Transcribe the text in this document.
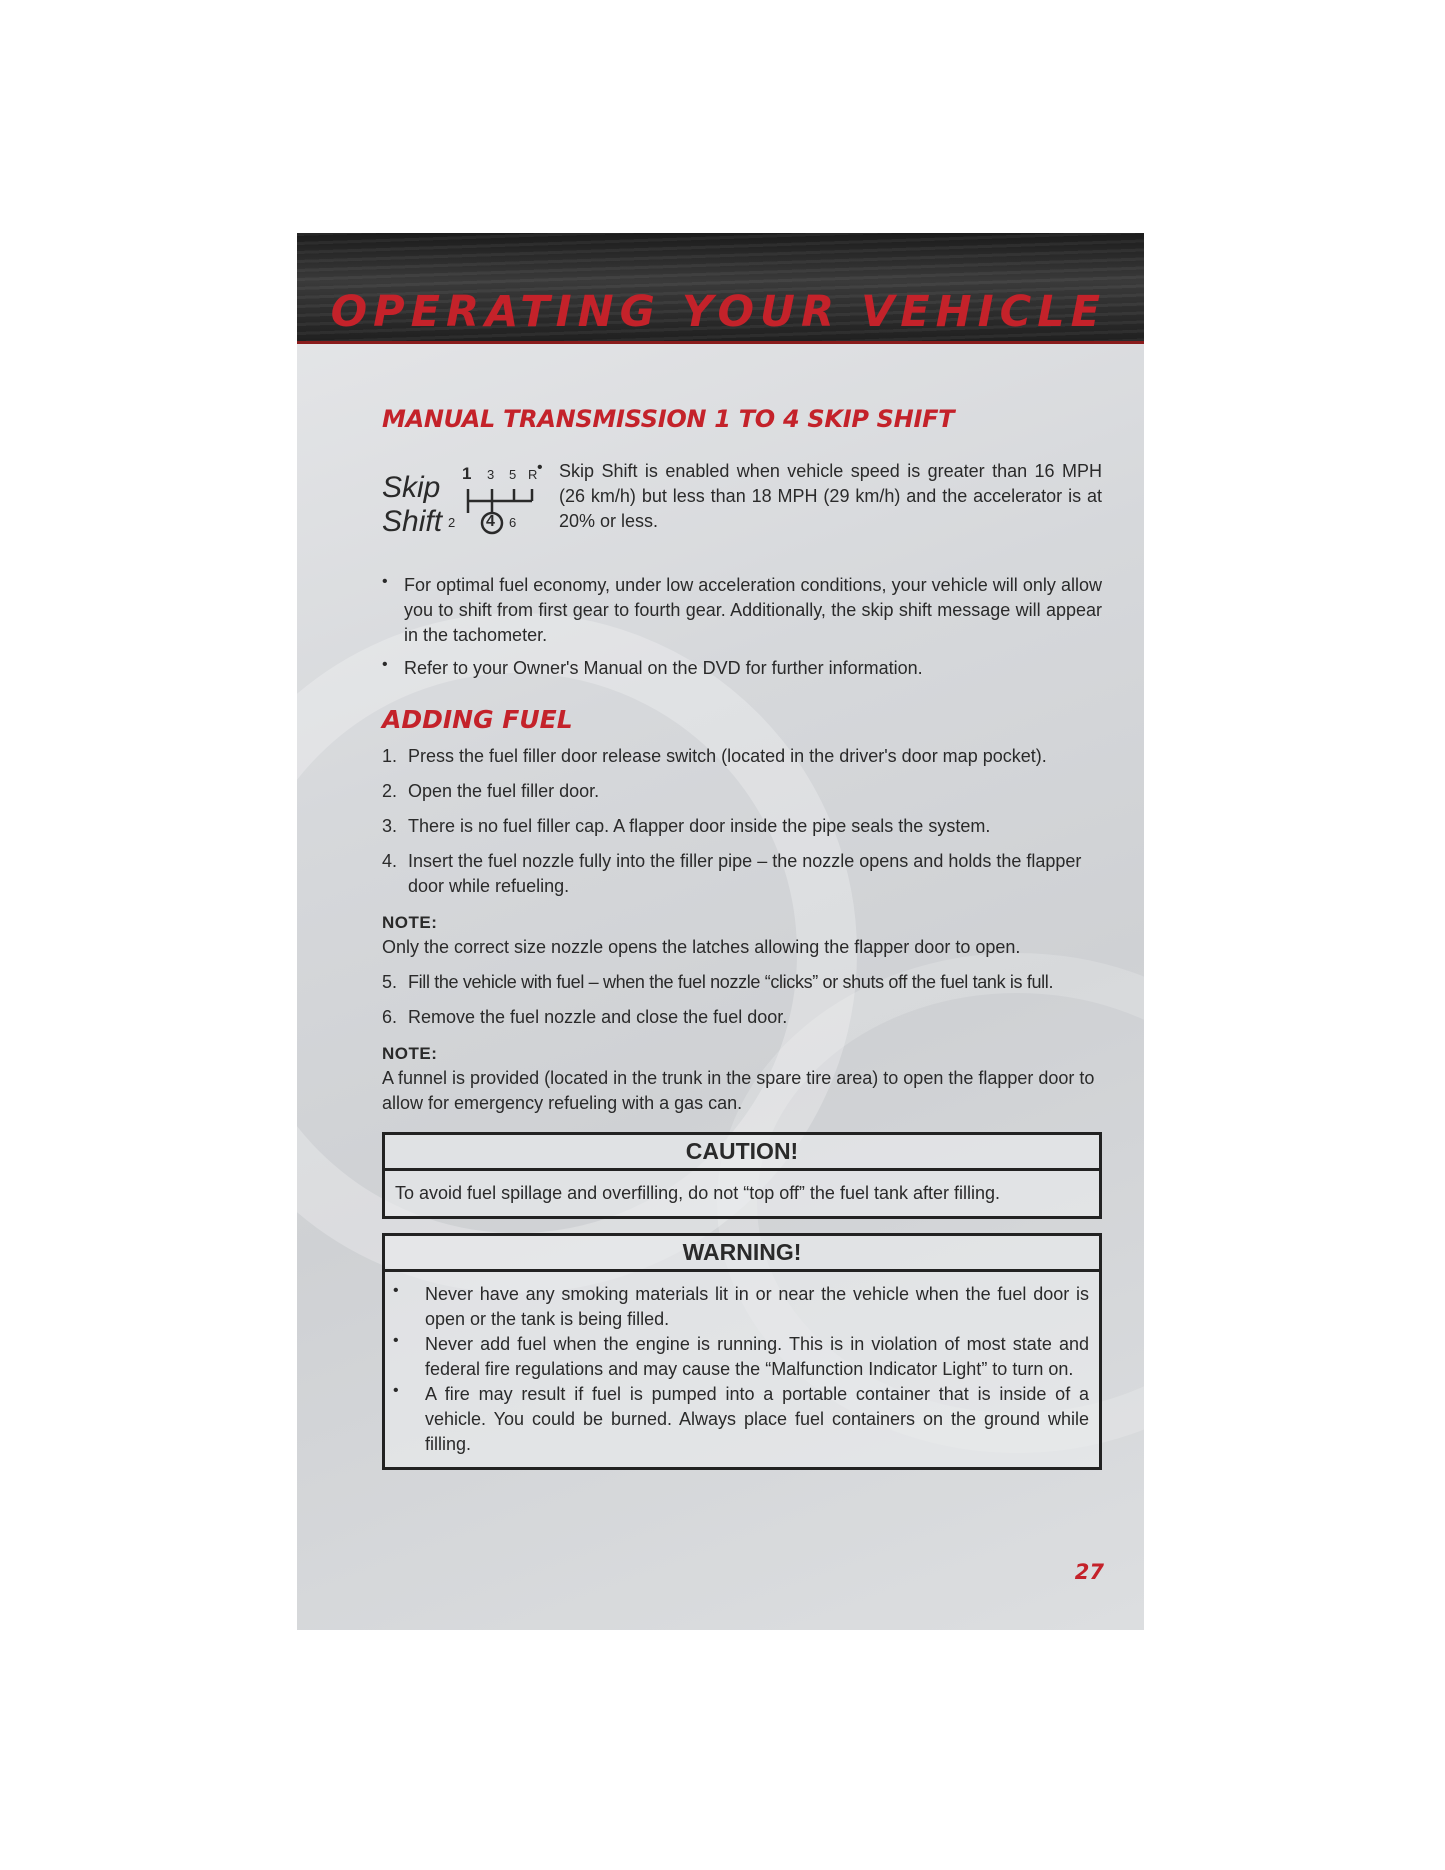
OPERATING YOUR VEHICLE
MANUAL TRANSMISSION 1 TO 4 SKIP SHIFT
Skip
Shift
1 3 5 R
2 4 6
• Skip Shift is enabled when vehicle speed is greater than 16 MPH (26 km/h) but less than 18 MPH (29 km/h) and the accelerator is at 20% or less.

• For optimal fuel economy, under low acceleration conditions, your vehicle will only allow you to shift from first gear to fourth gear. Additionally, the skip shift message will appear in the tachometer.

• Refer to your Owner's Manual on the DVD for further information.

ADDING FUEL
1. Press the fuel filler door release switch (located in the driver's door map pocket).

2. Open the fuel filler door.

3. There is no fuel filler cap. A flapper door inside the pipe seals the system.

4. Insert the fuel nozzle fully into the filler pipe – the nozzle opens and holds the flapper door while refueling.

NOTE:

Only the correct size nozzle opens the latches allowing the flapper door to open.

5. Fill the vehicle with fuel – when the fuel nozzle “clicks” or shuts off the fuel tank is full.

6. Remove the fuel nozzle and close the fuel door.

NOTE:

A funnel is provided (located in the trunk in the spare tire area) to open the flapper door to allow for emergency refueling with a gas can.

CAUTION!

To avoid fuel spillage and overfilling, do not “top off” the fuel tank after filling.

WARNING!
•	Never have any smoking materials lit in or near the vehicle when the fuel door is open or the tank is being filled.

•	Never add fuel when the engine is running. This is in violation of most state and federal fire regulations and may cause the “Malfunction Indicator Light” to turn on.

•	A fire may result if fuel is pumped into a portable container that is inside of a vehicle. You could be burned. Always place fuel containers on the ground while filling.

27
